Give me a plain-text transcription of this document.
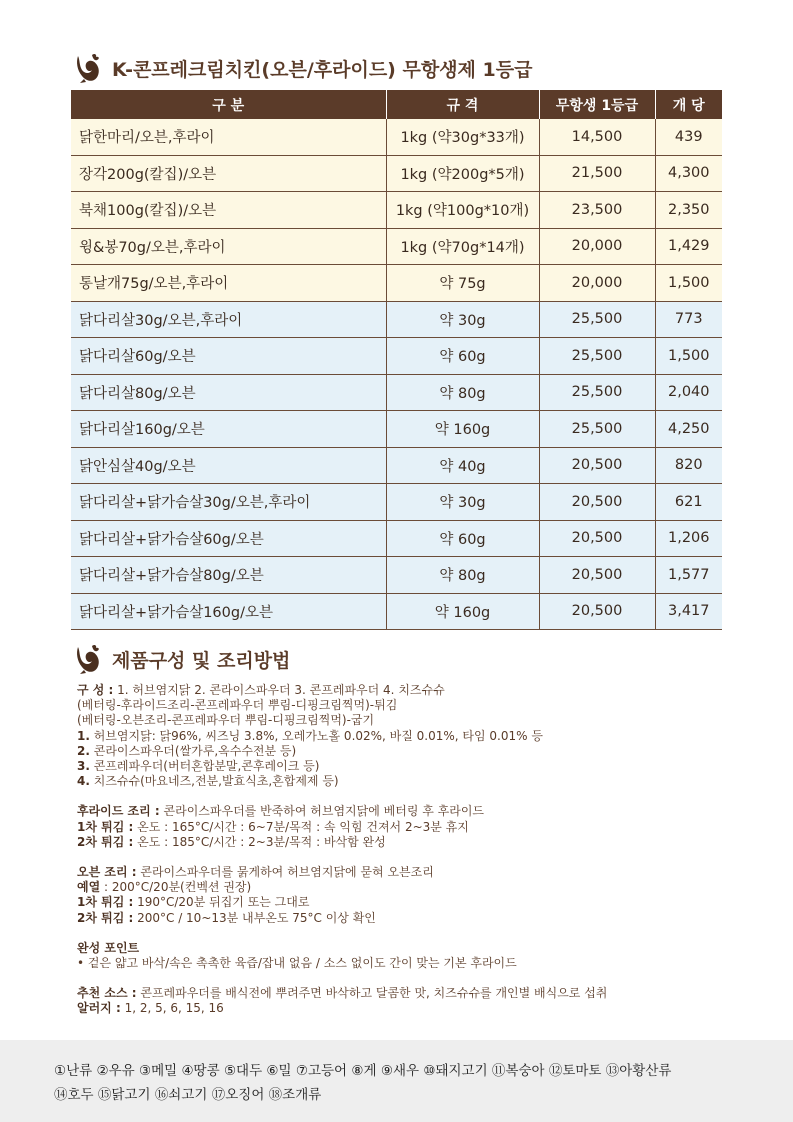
K-콘프레크림치킨(오븐/후라이드) 무항생제 1등급
구 분	규 격	무항생 1등급	개 당
닭한마리/오븐,후라이	1kg (약30g*33개)	14,500	439
장각200g(칼집)/오븐	1kg (약200g*5개)	21,500	4,300
북채100g(칼집)/오븐	1kg (약100g*10개)	23,500	2,350
윙&봉70g/오븐,후라이	1kg (약70g*14개)	20,000	1,429
통날개75g/오븐,후라이	약 75g	20,000	1,500
닭다리살30g/오븐,후라이	약 30g	25,500	773
닭다리살60g/오븐	약 60g	25,500	1,500
닭다리살80g/오븐	약 80g	25,500	2,040
닭다리살160g/오븐	약 160g	25,500	4,250
닭안심살40g/오븐	약 40g	20,500	820
닭다리살+닭가슴살30g/오븐,후라이	약 30g	20,500	621
닭다리살+닭가슴살60g/오븐	약 60g	20,500	1,206
닭다리살+닭가슴살80g/오븐	약 80g	20,500	1,577
닭다리살+닭가슴살160g/오븐	약 160g	20,500	3,417
제품구성 및 조리방법
구 성 : 1. 허브염지닭 2. 콘라이스파우더 3. 콘프레파우더 4. 치즈슈슈
(베터링-후라이드조리-콘프레파우더 뿌림-디핑크림찍먹)-튀김
(베터링-오븐조리-콘프레파우더 뿌림-디핑크림찍먹)-굽기
1. 허브염지닭: 닭96%, 씨즈닝 3.8%, 오레가노홀 0.02%, 바질 0.01%, 타임 0.01% 등
2. 콘라이스파우더(쌀가루,옥수수전분 등)
3. 콘프레파우더(버터혼합분말,콘후레이크 등)
4. 치즈슈슈(마요네즈,전분,발효식초,혼합제제 등)
후라이드 조리 : 콘라이스파우더를 반죽하여 허브염지닭에 베터링 후 후라이드
1차 튀김 : 온도 : 165°C/시간 : 6~7분/목적 : 속 익힘 건져서 2~3분 휴지
2차 튀김 : 온도 : 185°C/시간 : 2~3분/목적 : 바삭함 완성
오븐 조리 : 콘라이스파우더를 묽게하여 허브염지닭에 묻혀 오븐조리
예열 : 200°C/20분(컨벡션 권장)
1차 튀김 : 190°C/20분 뒤집기 또는 그대로
2차 튀김 : 200°C / 10~13분 내부온도 75°C 이상 확인
완성 포인트
• 겉은 얇고 바삭/속은 촉촉한 육즙/잡내 없음 / 소스 없이도 간이 맞는 기본 후라이드
추천 소스 : 콘프레파우더를 배식전에 뿌려주면 바삭하고 달콤한 맛, 치즈슈슈를 개인별 배식으로 섭취
알러지 : 1, 2, 5, 6, 15, 16
①난류 ②우유 ③메밀 ④땅콩 ⑤대두 ⑥밀 ⑦고등어 ⑧게 ⑨새우 ⑩돼지고기 ⑪복숭아 ⑫토마토 ⑬아황산류
⑭호두 ⑮닭고기 ⑯쇠고기 ⑰오징어 ⑱조개류
